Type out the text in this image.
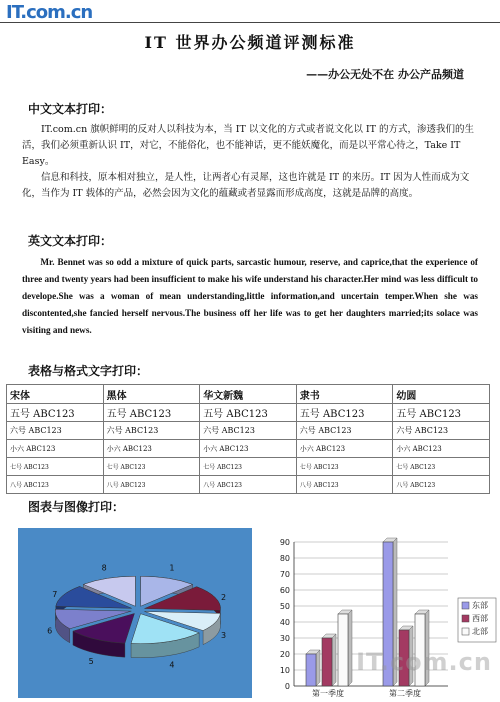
IT.com.cn
IT 世界办公频道评测标准
——办公无处不在 办公产品频道
中文文本打印：
IT.com.cn 旗帜鲜明的反对人以科技为本，当 IT 以文化的方式或者说文化以 IT 的方式，渗透我们的生活，我们必须重新认识 IT，对它，不能俗化，也不能神话，更不能妖魔化，而是以平常心待之，Take IT Easy。
信息和科技，原本相对独立，是人性，让两者心有灵犀，这也许就是 IT 的来历。IT 因为人性而成为文化，当作为 IT 载体的产品，必然会因为文化的蕴藏或者显露而形成高度，这就是品牌的高度。
英文文本打印：
Mr. Bennet was so odd a mixture of quick parts, sarcastic humour, reserve, and caprice,that the experience of three and twenty years had been insufficient to make his wife understand his character.Her mind was less difficult to develope.She was a woman of mean understanding,little information,and uncertain temper.When she was discontented,she fancied herself nervous.The business off her life was to get her daughters married;its solace was visiting and news.
表格与格式文字打印：
宋体	黑体	华文新魏	隶书	幼圆
五号 ABC123	五号 ABC123	五号 ABC123	五号 ABC123	五号 ABC123
六号 ABC123	六号 ABC123	六号 ABC123	六号 ABC123	六号 ABC123
小六 ABC123	小六 ABC123	小六 ABC123	小六 ABC123	小六 ABC123
七号 ABC123	七号 ABC123	七号 ABC123	七号 ABC123	七号 ABC123
八号 ABC123	八号 ABC123	八号 ABC123	八号 ABC123	八号 ABC123
图表与图像打印：
1
2
3
4
5
6
7
8
0
10
20
30
40
50
60
70
80
90
第一季度	第二季度
东部
西部
北部
IT.com.cn
